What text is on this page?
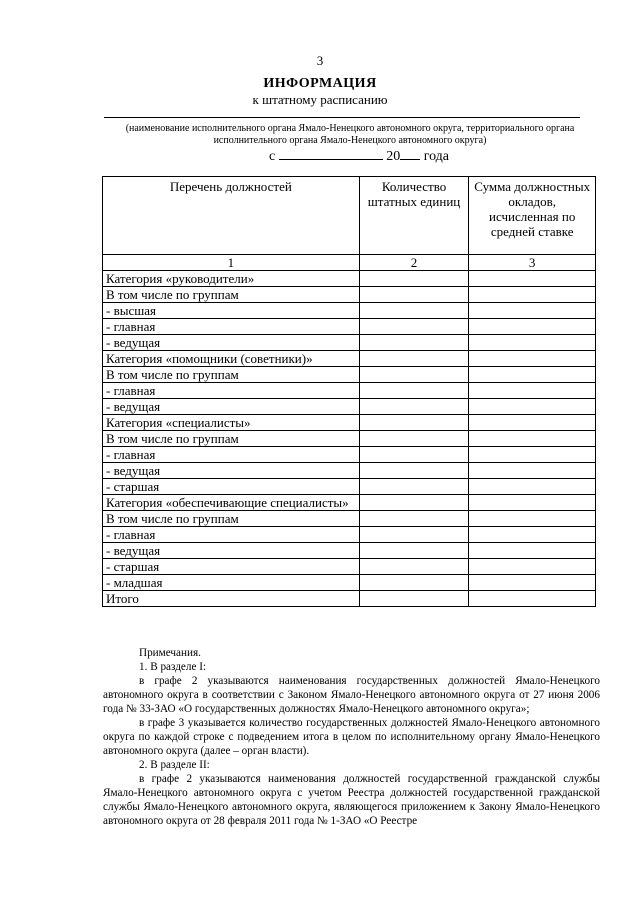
3
ИНФОРМАЦИЯ
к штатному расписанию
(наименование исполнительного органа Ямало-Ненецкого автономного округа, территориального органа исполнительного органа Ямало-Ненецкого автономного округа)
с	20 года
Перечень должностей	Количество штатных единиц	Сумма должностных окладов, исчисленная по средней ставке
1	2	3
Категория «руководители»		
В том числе по группам		
- высшая		
- главная		
- ведущая		
Категория «помощники (советники)»		
В том числе по группам		
- главная		
- ведущая		
Категория «специалисты»		
В том числе по группам		
- главная		
- ведущая		
- старшая		
Категория «обеспечивающие специалисты»		
В том числе по группам		
- главная		
- ведущая		
- старшая		
- младшая		
Итого		

Примечания.

1. В разделе I:

в графе 2 указываются наименования государственных должностей Ямало-Ненецкого автономного округа в соответствии с Законом Ямало-Ненецкого автономного округа от 27 июня 2006 года № 33-ЗАО «О государственных должностях Ямало-Ненецкого автономного округа»;

в графе 3 указывается количество государственных должностей Ямало-Ненецкого автономного округа по каждой строке с подведением итога в целом по исполнительному органу Ямало-Ненецкого автономного округа (далее – орган власти).

2. В разделе II:

в графе 2 указываются наименования должностей государственной гражданской службы Ямало-Ненецкого автономного округа с учетом Реестра должностей государственной гражданской службы Ямало-Ненецкого автономного округа, являющегося приложением к Закону Ямало-Ненецкого автономного округа от 28 февраля 2011 года № 1-ЗАО «О Реестре
